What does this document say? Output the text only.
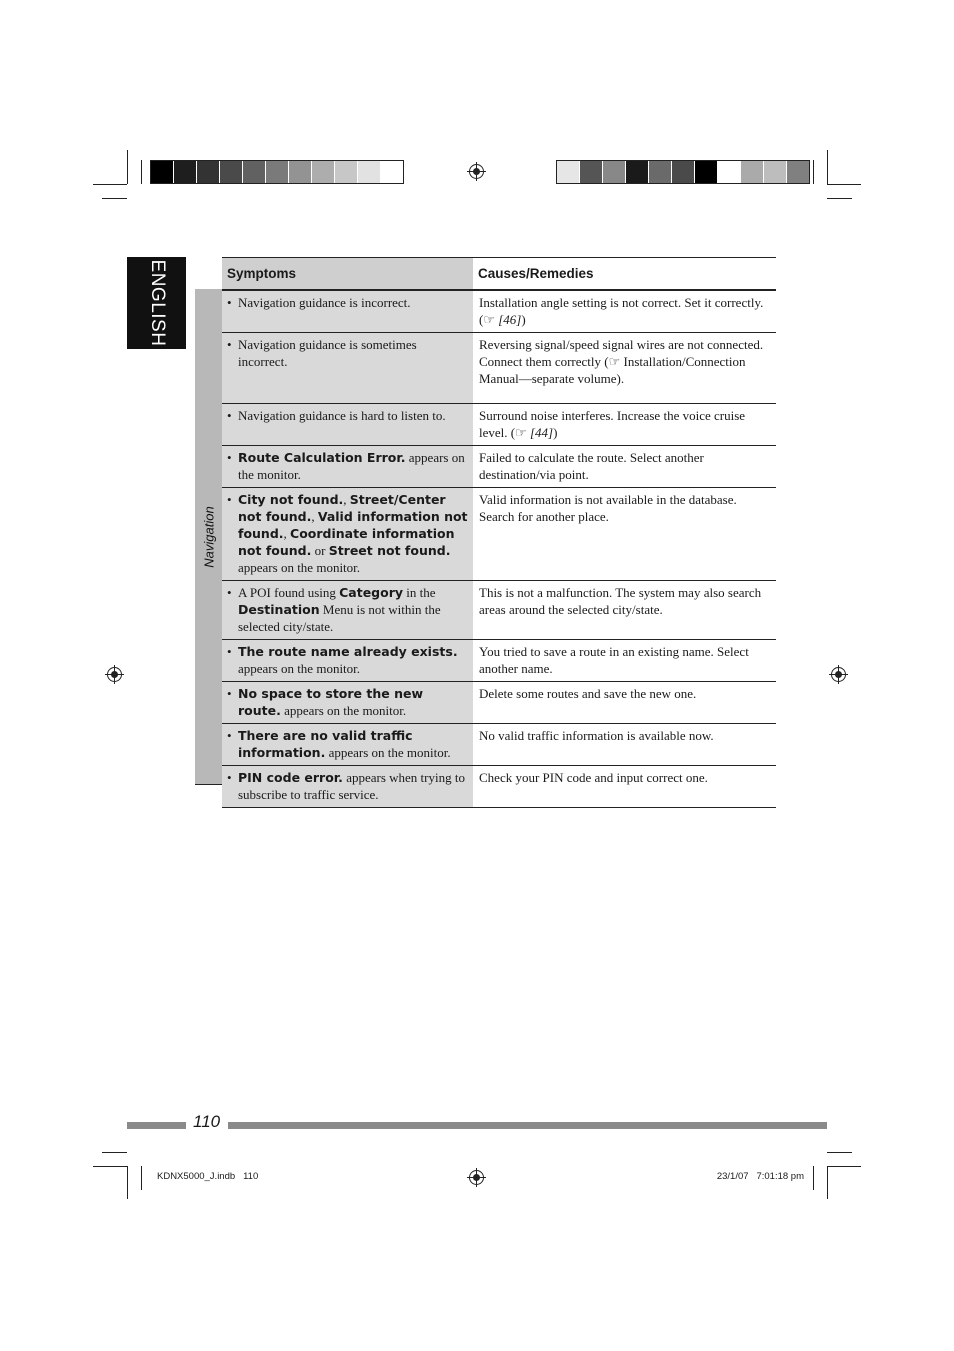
ENGLISH
Navigation
Symptoms	Causes/Remedies

• Navigation guidance is incorrect.	Installation angle setting is not correct. Set it correctly. (☞ [46])

• Navigation guidance is sometimes incorrect.	Reversing signal/speed signal wires are not connected. Connect them correctly (☞ Installation/Connection Manual—separate volume).

• Navigation guidance is hard to listen to.	Surround noise interferes. Increase the voice cruise level. (☞ [44])

• Route Calculation Error. appears on the monitor.	Failed to calculate the route. Select another destination/via point.

• City not found., Street/Center not found., Valid information not found., Coordinate information not found. or Street not found. appears on the monitor.	Valid information is not available in the database. Search for another place.

• A POI found using Category in the Destination Menu is not within the selected city/state.	This is not a malfunction. The system may also search areas around the selected city/state.

• The route name already exists. appears on the monitor.	You tried to save a route in an existing name. Select another name.

• No space to store the new route. appears on the monitor.	Delete some routes and save the new one.

• There are no valid traffic information. appears on the monitor.	No valid traffic information is available now.

• PIN code error. appears when trying to subscribe to traffic service.	Check your PIN code and input correct one.
110
KDNX5000_J.indb   110	23/1/07   7:01:18 pm
